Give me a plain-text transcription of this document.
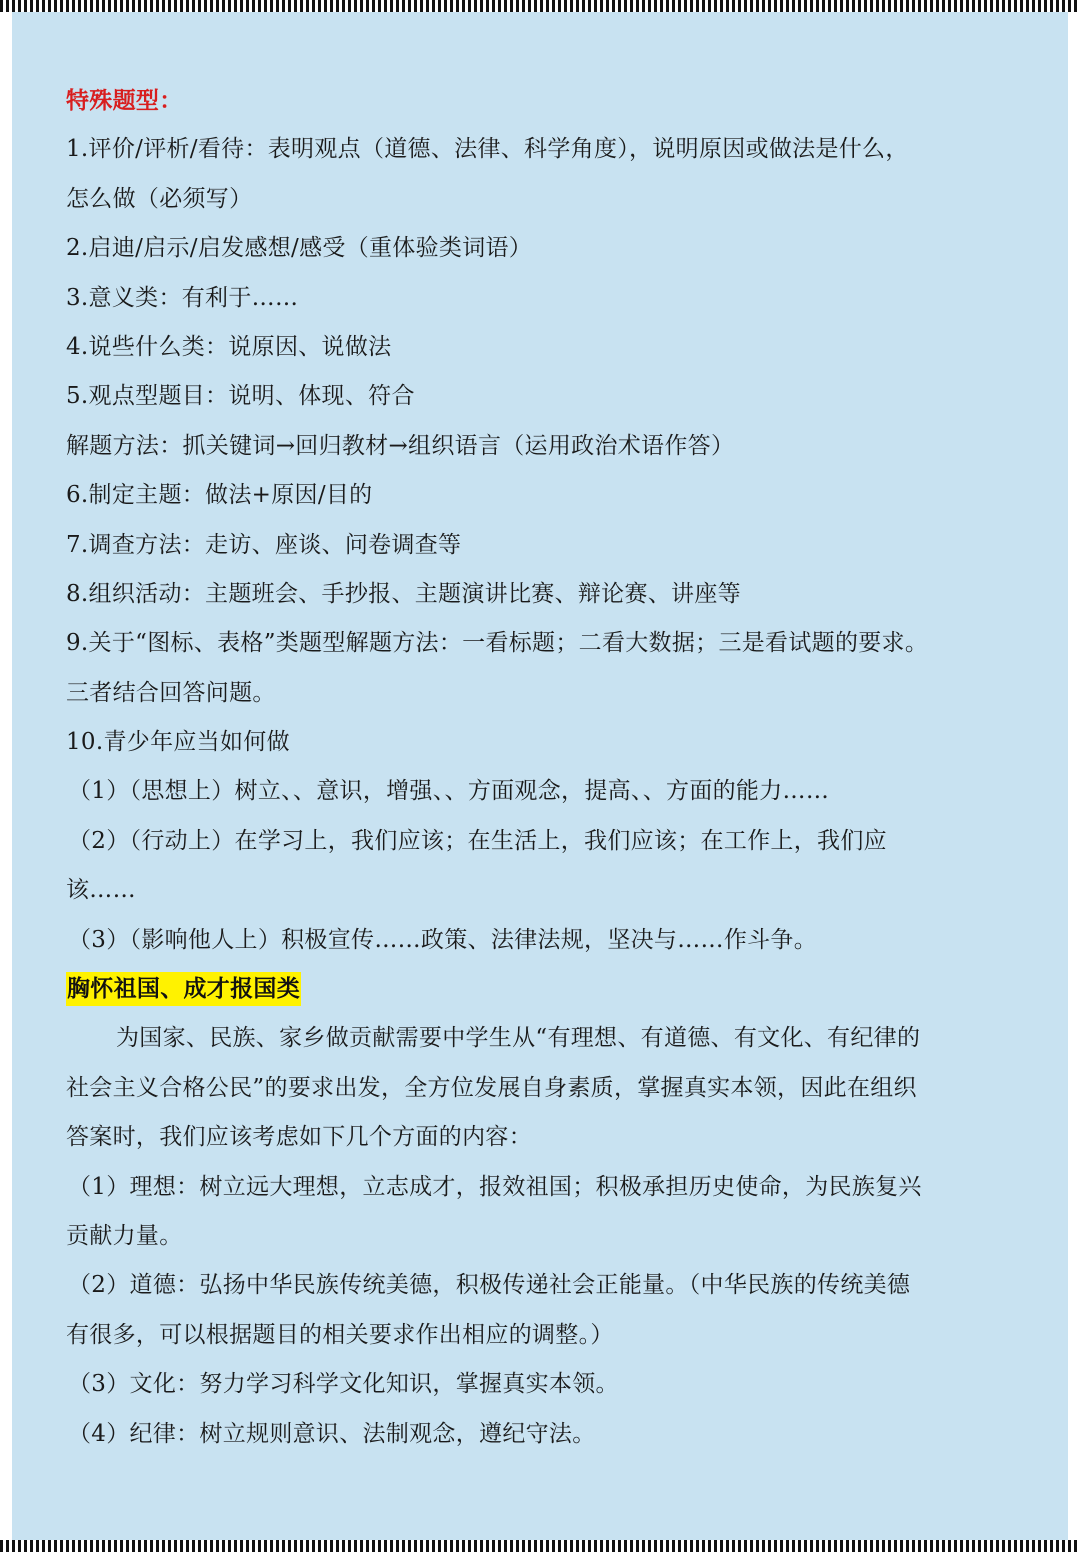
特殊题型：
1.评价/评析/看待：表明观点（道德、法律、科学角度），说明原因或做法是什么，
怎么做（必须写）
2.启迪/启示/启发感想/感受（重体验类词语）
3.意义类：有利于……
4.说些什么类：说原因、说做法
5.观点型题目：说明、体现、符合
解题方法：抓关键词→回归教材→组织语言（运用政治术语作答）
6.制定主题：做法+原因/目的
7.调查方法：走访、座谈、问卷调查等
8.组织活动：主题班会、手抄报、主题演讲比赛、辩论赛、讲座等
9.关于“图标、表格”类题型解题方法：一看标题；二看大数据；三是看试题的要求。
三者结合回答问题。
10.青少年应当如何做
（1）（思想上）树立、、意识，增强、、方面观念，提高、、方面的能力……
（2）（行动上）在学习上，我们应该；在生活上，我们应该；在工作上，我们应
该……
（3）（影响他人上）积极宣传……政策、法律法规，坚决与……作斗争。
胸怀祖国、成才报国类
为国家、民族、家乡做贡献需要中学生从“有理想、有道德、有文化、有纪律的
社会主义合格公民”的要求出发，全方位发展自身素质，掌握真实本领，因此在组织
答案时，我们应该考虑如下几个方面的内容：
（1）理想：树立远大理想，立志成才，报效祖国；积极承担历史使命，为民族复兴
贡献力量。
（2）道德：弘扬中华民族传统美德，积极传递社会正能量。（中华民族的传统美德
有很多，可以根据题目的相关要求作出相应的调整。）
（3）文化：努力学习科学文化知识，掌握真实本领。
（4）纪律：树立规则意识、法制观念，遵纪守法。
